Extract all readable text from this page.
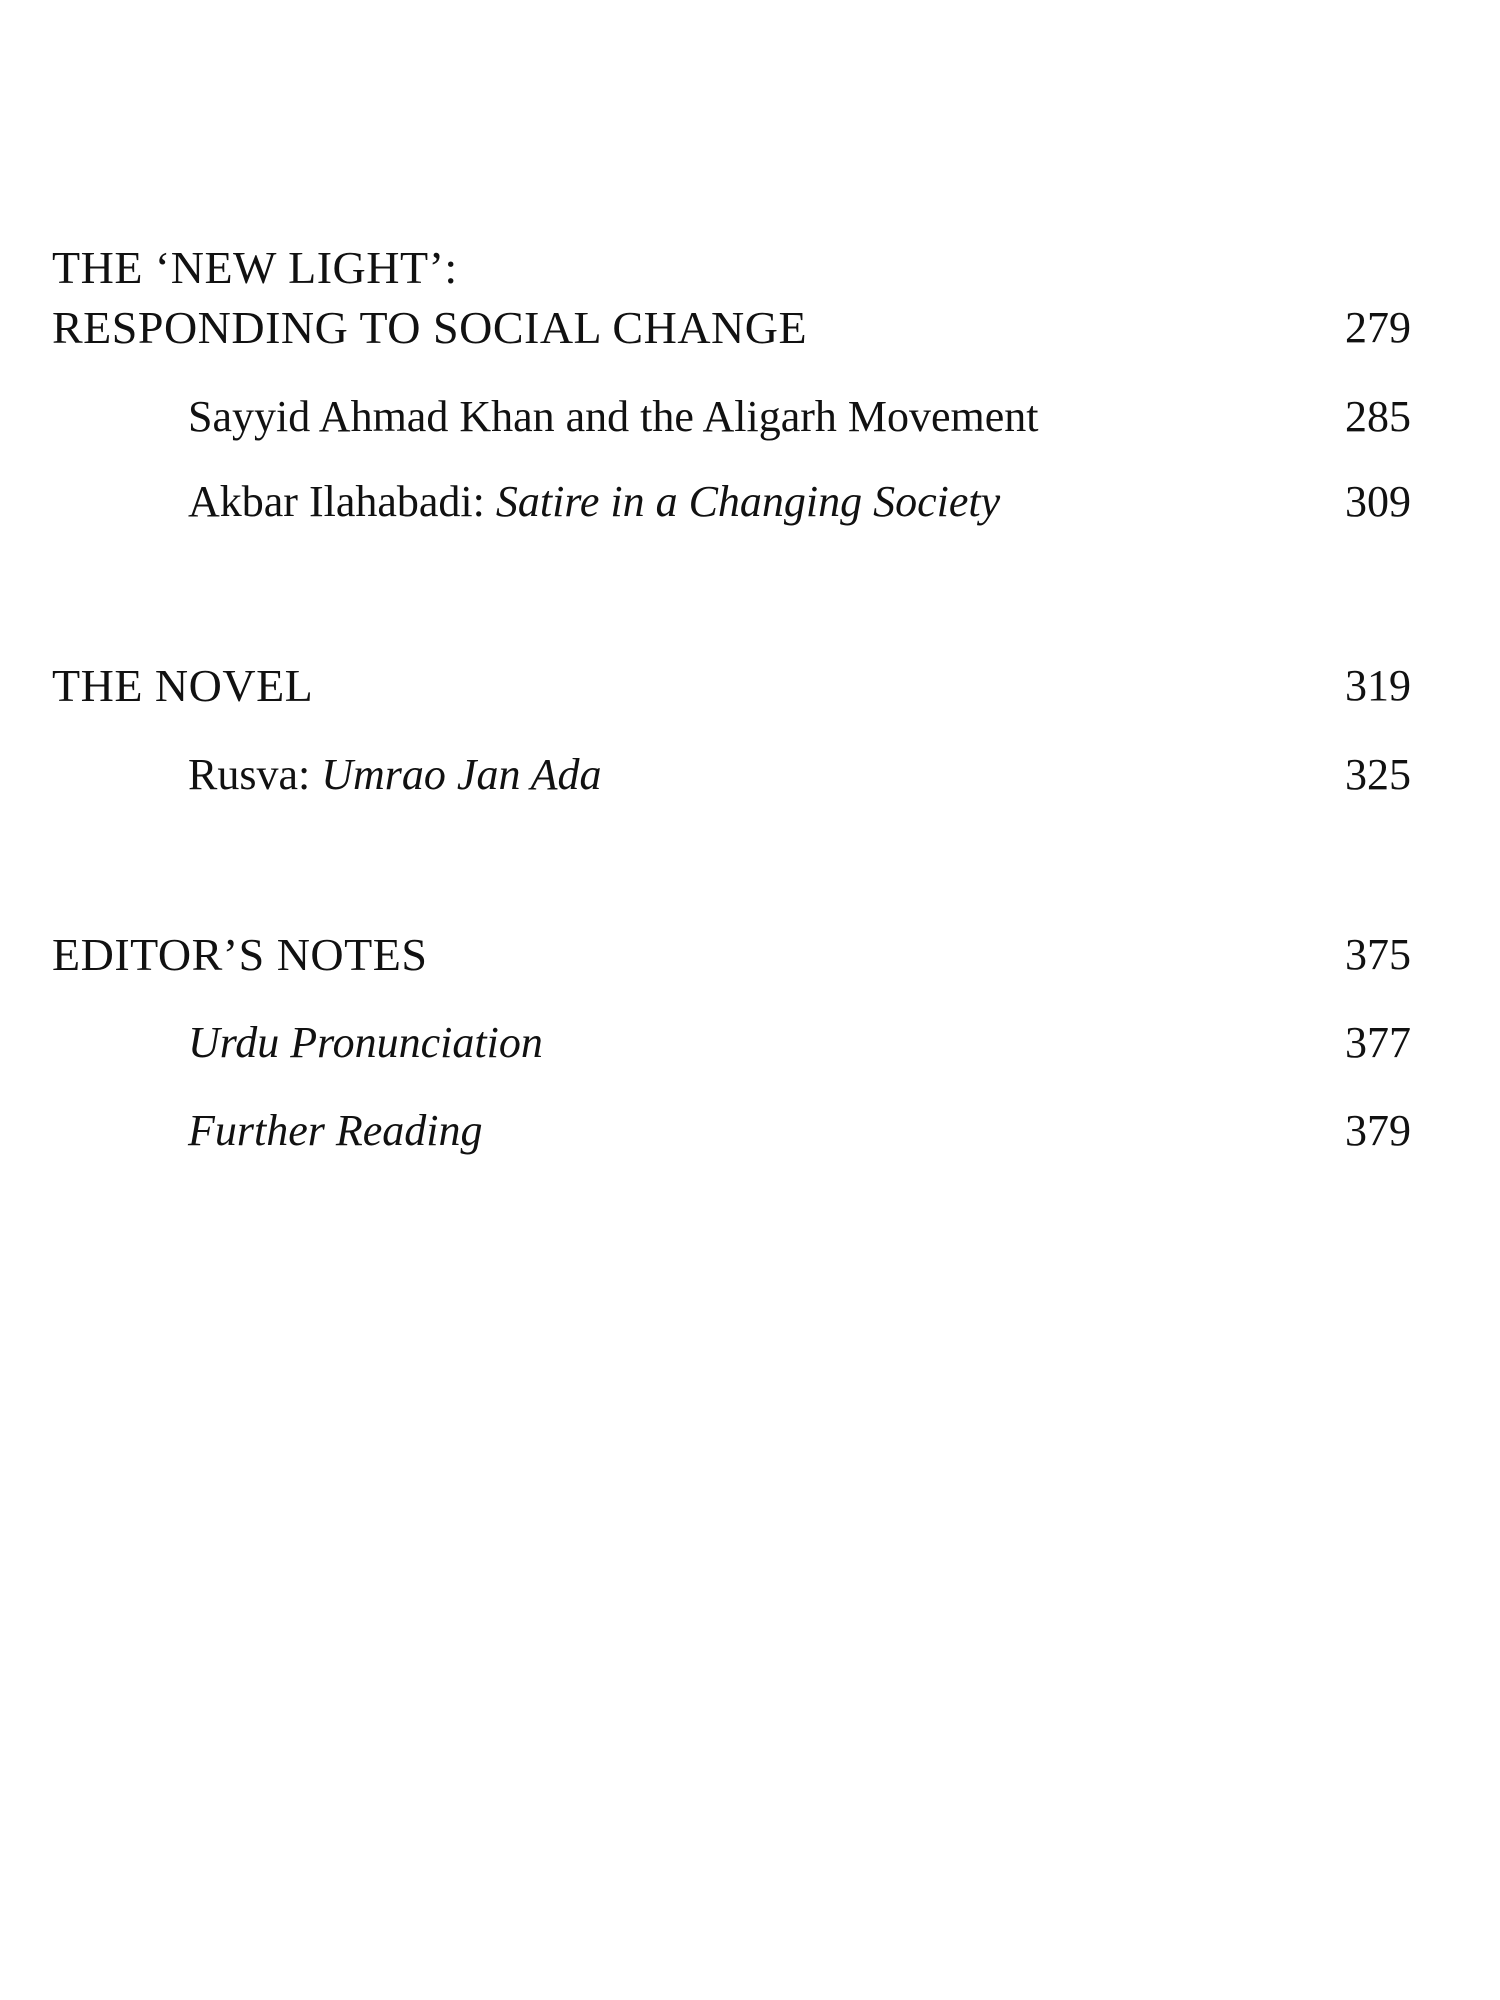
THE ‘NEW LIGHT’:
RESPONDING TO SOCIAL CHANGE	279
Sayyid Ahmad Khan and the Aligarh Movement	285
Akbar Ilahabadi: Satire in a Changing Society	309
THE NOVEL	319
Rusva: Umrao Jan Ada	325
EDITOR’S NOTES	375
Urdu Pronunciation	377
Further Reading	379
